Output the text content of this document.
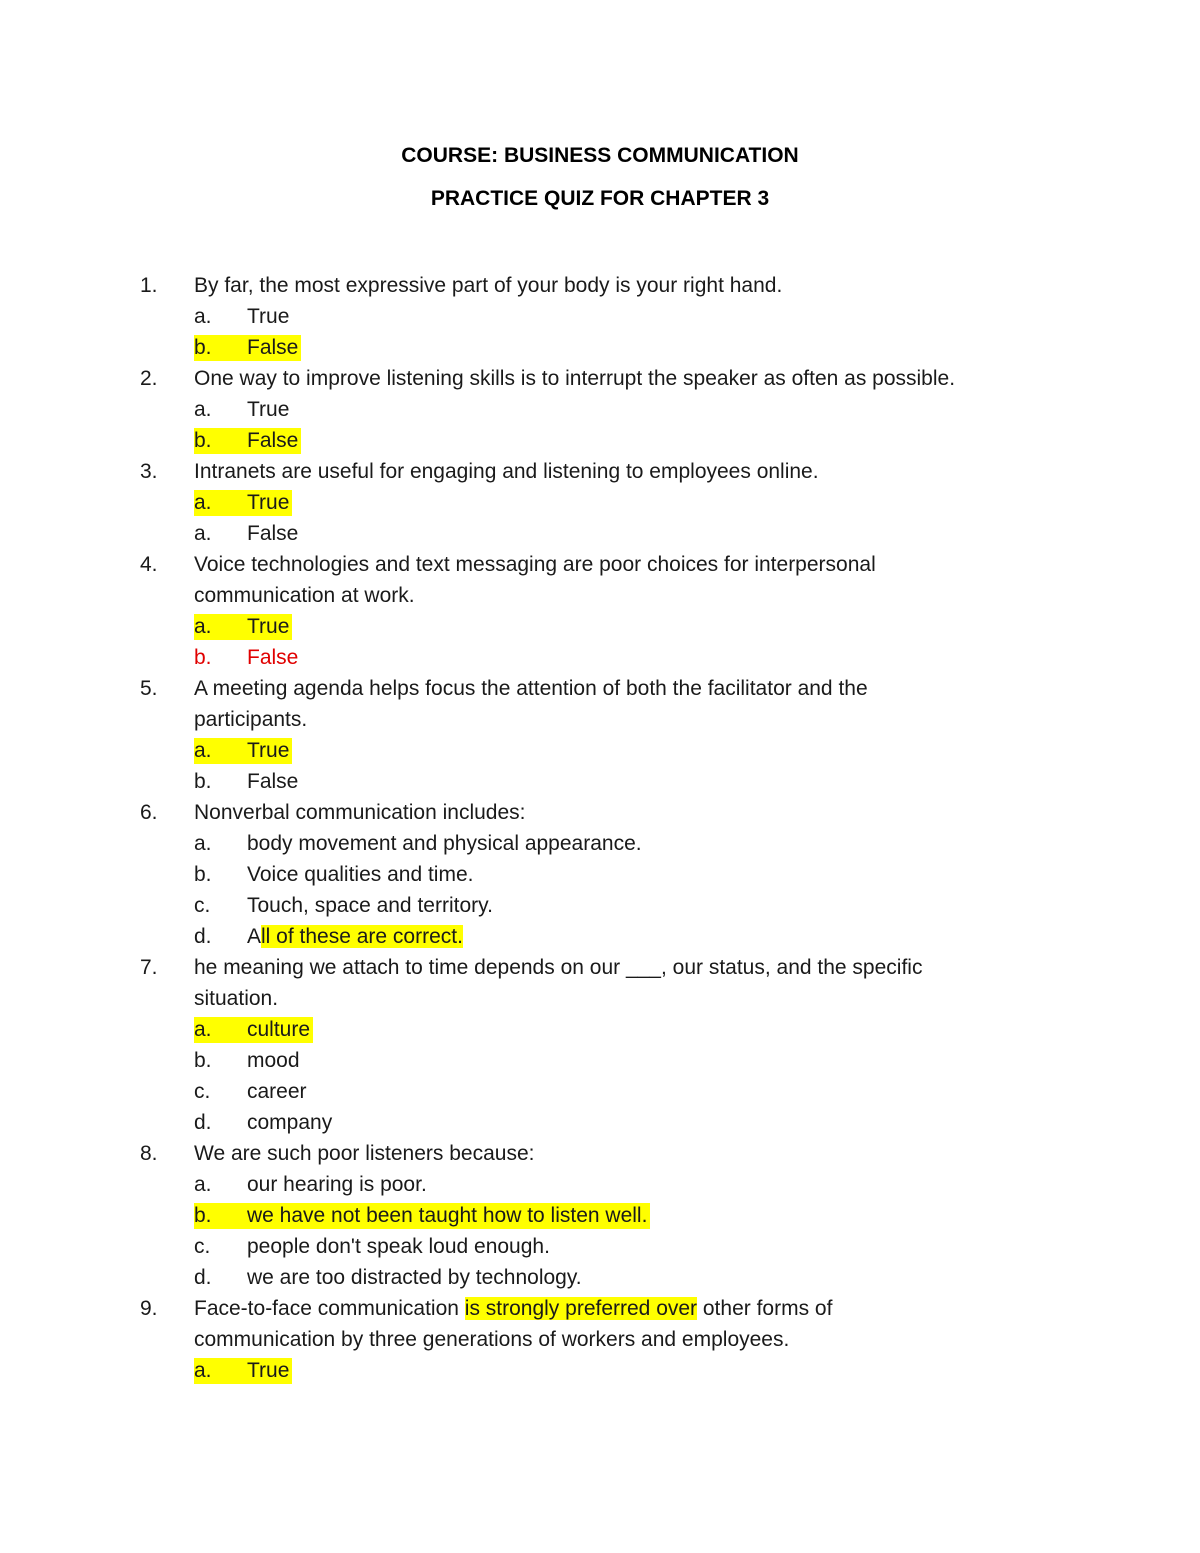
COURSE: BUSINESS COMMUNICATION
PRACTICE QUIZ FOR CHAPTER 3
1. By far, the most expressive part of your body is your right hand.
a. True
b. False
2. One way to improve listening skills is to interrupt the speaker as often as possible.
a. True
b. False
3. Intranets are useful for engaging and listening to employees online.
a. True
a. False
4. Voice technologies and text messaging are poor choices for interpersonal
communication at work.
a. True
b. False
5. A meeting agenda helps focus the attention of both the facilitator and the
participants.
a. True
b. False
6. Nonverbal communication includes:
a. body movement and physical appearance.
b. Voice qualities and time.
c. Touch, space and territory.
d. All of these are correct.
7. he meaning we attach to time depends on our ___, our status, and the specific
situation.
a. culture
b. mood
c. career
d. company
8. We are such poor listeners because:
a. our hearing is poor.
b. we have not been taught how to listen well.
c. people don't speak loud enough.
d. we are too distracted by technology.
9. Face-to-face communication is strongly preferred over other forms of
communication by three generations of workers and employees.
a. True
